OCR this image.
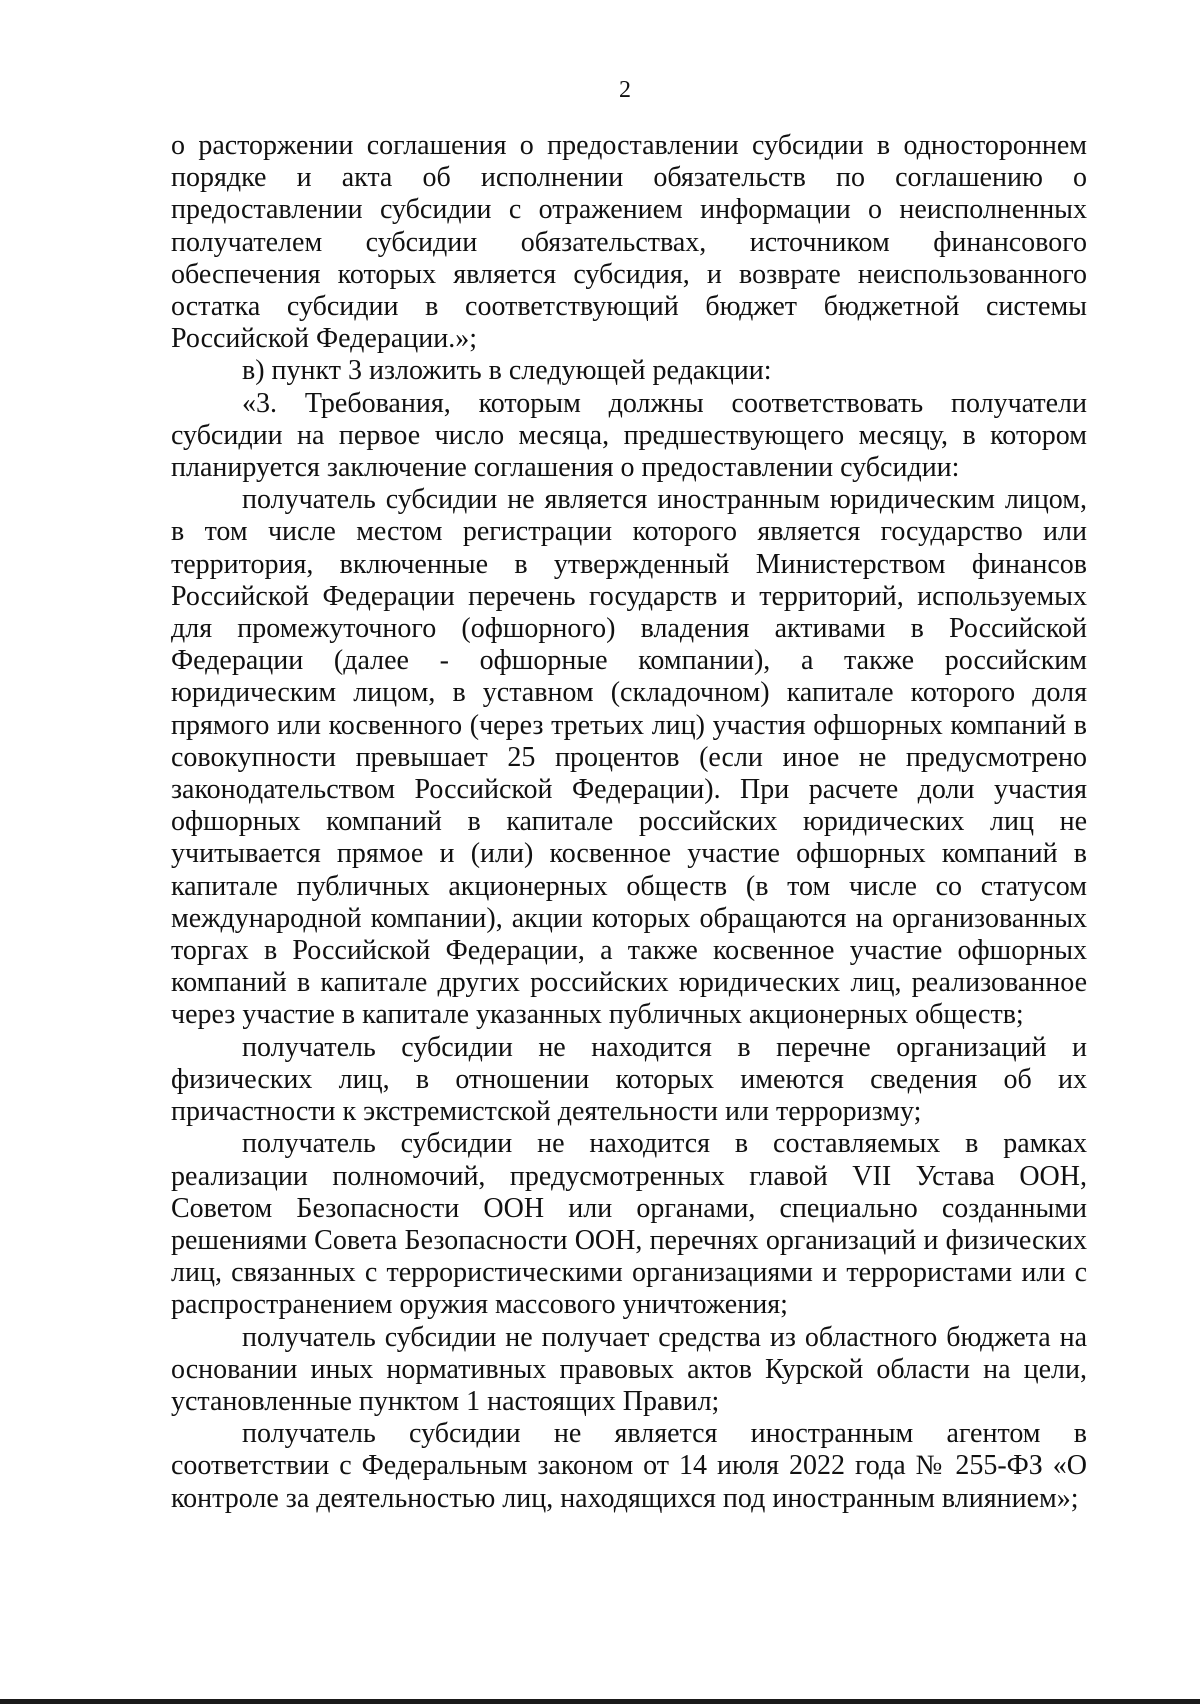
2

о расторжении соглашения о предоставлении субсидии в одностороннем порядке и акта об исполнении обязательств по соглашению о предоставлении субсидии с отражением информации о неисполненных получателем субсидии обязательствах, источником финансового обеспечения которых является субсидия, и возврате неиспользованного остатка субсидии в соответствующий бюджет бюджетной системы Российской Федерации.»;

в) пункт 3 изложить в следующей редакции:

«3. Требования, которым должны соответствовать получатели субсидии на первое число месяца, предшествующего месяцу, в котором планируется заключение соглашения о предоставлении субсидии:

получатель субсидии не является иностранным юридическим лицом, в том числе местом регистрации которого является государство или территория, включенные в утвержденный Министерством финансов Российской Федерации перечень государств и территорий, используемых для промежуточного (офшорного) владения активами в Российской Федерации (далее - офшорные компании), а также российским юридическим лицом, в уставном (складочном) капитале которого доля прямого или косвенного (через третьих лиц) участия офшорных компаний в совокупности превышает 25 процентов (если иное не предусмотрено законодательством Российской Федерации). При расчете доли участия офшорных компаний в капитале российских юридических лиц не учитывается прямое и (или) косвенное участие офшорных компаний в капитале публичных акционерных обществ (в том числе со статусом международной компании), акции которых обращаются на организованных торгах в Российской Федерации, а также косвенное участие офшорных компаний в капитале других российских юридических лиц, реализованное через участие в капитале указанных публичных акционерных обществ;

получатель субсидии не находится в перечне организаций и физических лиц, в отношении которых имеются сведения об их причастности к экстремистской деятельности или терроризму;

получатель субсидии не находится в составляемых в рамках реализации полномочий, предусмотренных главой VII Устава ООН, Советом Безопасности ООН или органами, специально созданными решениями Совета Безопасности ООН, перечнях организаций и физических лиц, связанных с террористическими организациями и террористами или с распространением оружия массового уничтожения;

получатель субсидии не получает средства из областного бюджета на основании иных нормативных правовых актов Курской области на цели, установленные пунктом 1 настоящих Правил;

получатель субсидии не является иностранным агентом в соответствии с Федеральным законом от 14 июля 2022 года № 255-ФЗ «О контроле за деятельностью лиц, находящихся под иностранным влиянием»;
